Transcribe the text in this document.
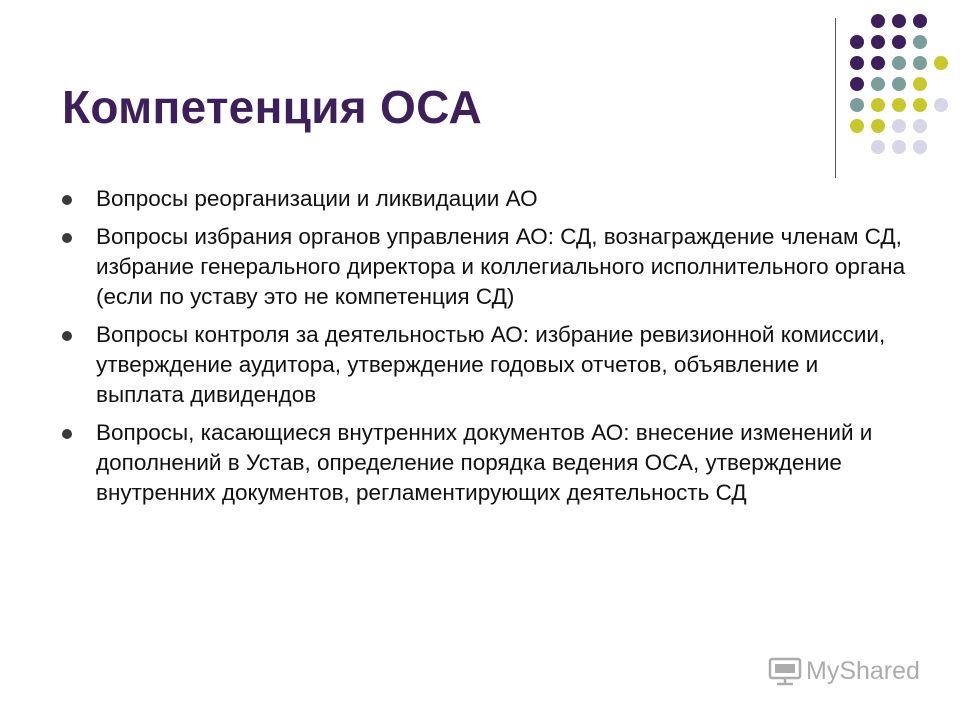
Компетенция ОСА
Вопросы реорганизации и ликвидации АО
Вопросы избрания органов управления АО: СД, вознаграждение членам СД, избрание генерального директора и коллегиального исполнительного органа (если по уставу это не компетенция СД)
Вопросы контроля за деятельностью АО: избрание ревизионной комиссии, утверждение аудитора, утверждение годовых отчетов, объявление и выплата дивидендов
Вопросы, касающиеся внутренних документов АО: внесение изменений и дополнений в Устав, определение порядка ведения ОСА, утверждение внутренних документов, регламентирующих деятельность СД
MyShared
